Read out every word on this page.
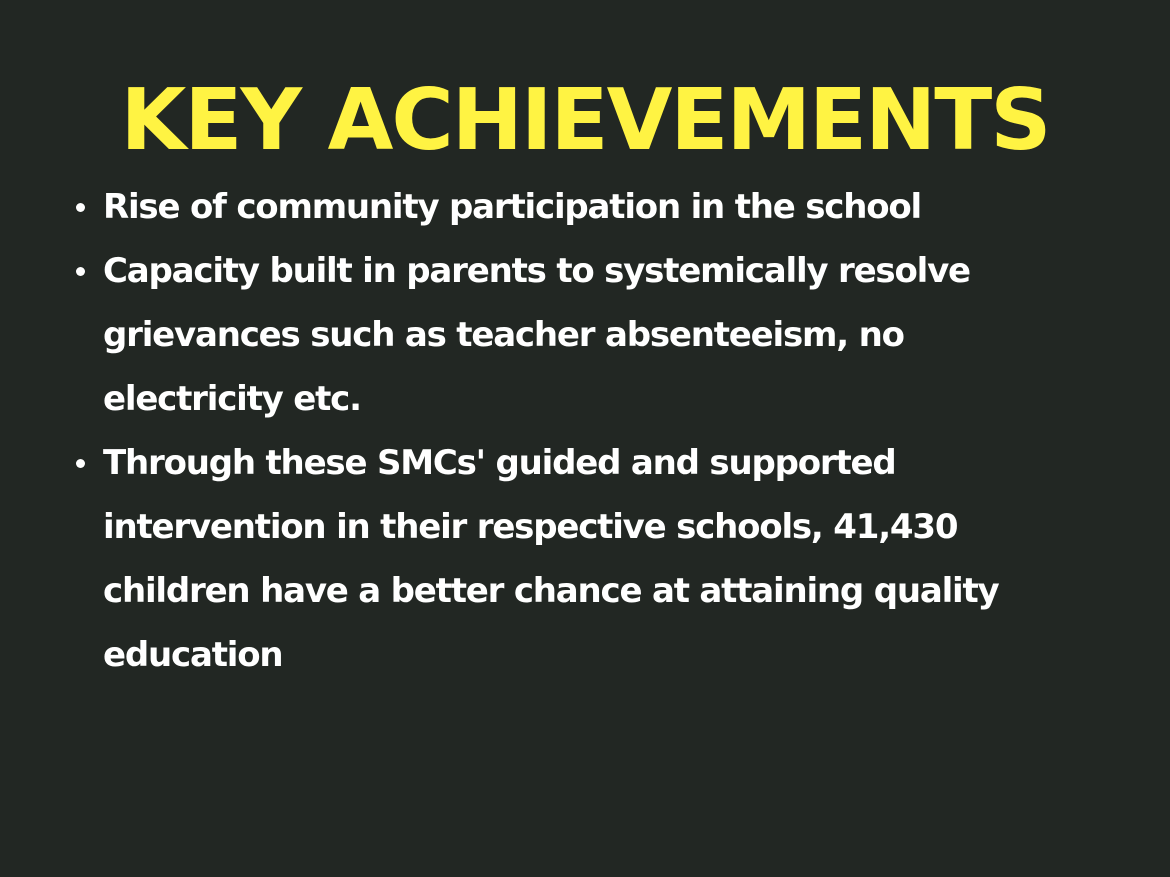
KEY ACHIEVEMENTS
Rise of community participation in the school
Capacity built in parents to systemically resolve grievances such as teacher absenteeism, no electricity etc.
Through these SMCs' guided and supported intervention in their respective schools, 41,430 children have a better chance at attaining quality education
